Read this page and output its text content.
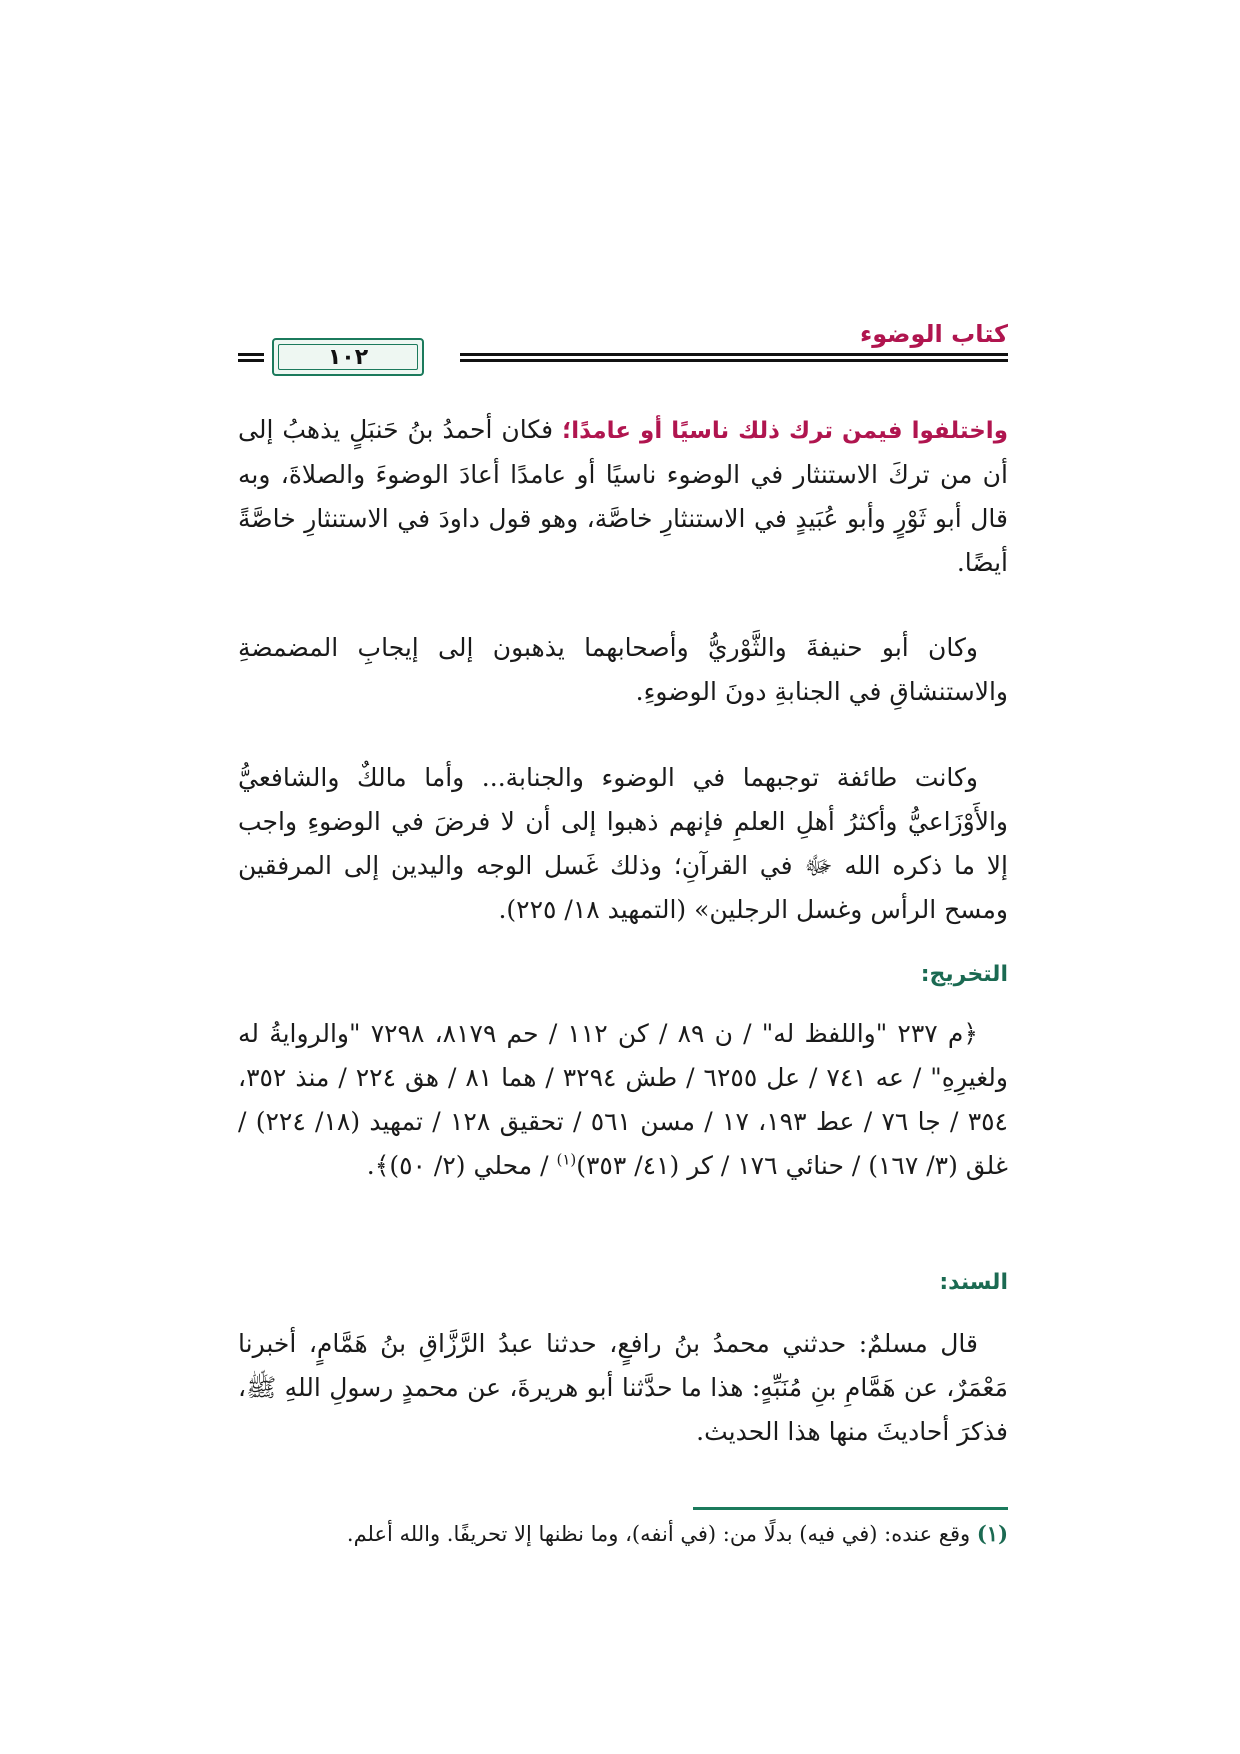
كتاب الوضوء
١٠٢

واختلفوا فيمن ترك ذلك ناسيًا أو عامدًا؛ فكان أحمدُ بنُ حَنبَلٍ يذهبُ إلى أن من تركَ الاستنثار في الوضوء ناسيًا أو عامدًا أعادَ الوضوءَ والصلاةَ، وبه قال أبو ثَوْرٍ وأبو عُبَيدٍ في الاستنثارِ خاصَّة، وهو قول داودَ في الاستنثارِ خاصَّةً أيضًا.

وكان أبو حنيفةَ والثَّوْريُّ وأصحابهما يذهبون إلى إيجابِ المضمضةِ والاستنشاقِ في الجنابةِ دونَ الوضوءِ.

وكانت طائفة توجبهما في الوضوء والجنابة... وأما مالكٌ والشافعيُّ والأَوْزَاعيُّ وأكثرُ أهلِ العلمِ فإنهم ذهبوا إلى أن لا فرضَ في الوضوءِ واجب إلا ما ذكره الله ﷻ في القرآنِ؛ وذلك غَسل الوجه واليدين إلى المرفقين ومسح الرأس وغسل الرجلين» (التمهيد ١٨/ ٢٢٥).

التخريج:

﴿م ٢٣٧ "واللفظ له" / ن ٨٩ / كن ١١٢ / حم ٨١٧٩، ٧٢٩٨ "والروايةُ له ولغيرِهِ" / عه ٧٤١ / عل ٦٢٥٥ / طش ٣٢٩٤ / هما ٨١ / هق ٢٢٤ / منذ ٣٥٢، ٣٥٤ / جا ٧٦ / عط ١٩٣، ١٧ / مسن ٥٦١ / تحقيق ١٢٨ / تمهيد (١٨/ ٢٢٤) / غلق (٣/ ١٦٧) / حنائي ١٧٦ / كر (٤١/ ٣٥٣)$^{(١)}$ / محلي (٢/ ٥٠)﴾.

السند:

قال مسلمٌ: حدثني محمدُ بنُ رافعٍ، حدثنا عبدُ الرَّزَّاقِ بنُ هَمَّامٍ، أخبرنا مَعْمَرٌ، عن هَمَّامِ بنِ مُنَبِّهٍ: هذا ما حدَّثنا أبو هريرةَ، عن محمدٍ رسولِ اللهِ ﷺ، فذكرَ أحاديثَ منها هذا الحديث.

(١) وقع عنده: (في فيه) بدلًا من: (في أنفه)، وما نظنها إلا تحريفًا. والله أعلم.
